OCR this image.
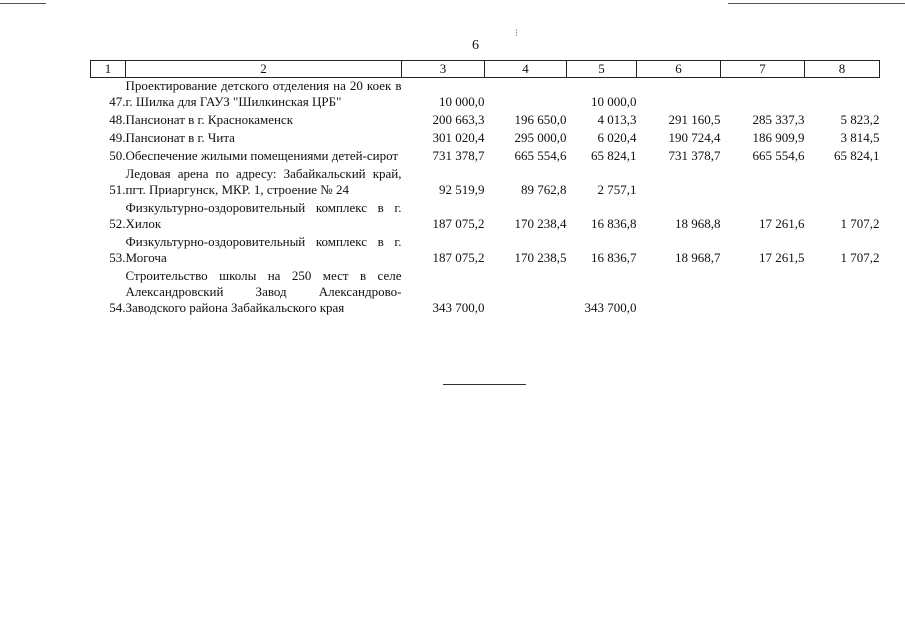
⁝
6
1	2	3	4	5	6	7	8
47.	Проектирование детского отделения на 20 коек в г. Шилка для ГАУЗ "Шилкинская ЦРБ"	10 000,0		10 000,0			
48.	Пансионат в г. Краснокаменск	200 663,3	196 650,0	4 013,3	291 160,5	285 337,3	5 823,2
49.	Пансионат в г. Чита	301 020,4	295 000,0	6 020,4	190 724,4	186 909,9	3 814,5
50.	Обеспечение жилыми помещениями детей-сирот	731 378,7	665 554,6	65 824,1	731 378,7	665 554,6	65 824,1
51.	Ледовая арена по адресу: Забайкальский край, пгт. Приаргунск, МКР. 1, строение № 24	92 519,9	89 762,8	2 757,1			
52.	Физкультурно-оздоровительный комплекс в г. Хилок	187 075,2	170 238,4	16 836,8	18 968,8	17 261,6	1 707,2
53.	Физкультурно-оздоровительный комплекс в г. Могоча	187 075,2	170 238,5	16 836,7	18 968,7	17 261,5	1 707,2
54.	Строительство школы на 250 мест в селе Александровский Завод Александрово-Заводского района Забайкальского края	343 700,0		343 700,0			
